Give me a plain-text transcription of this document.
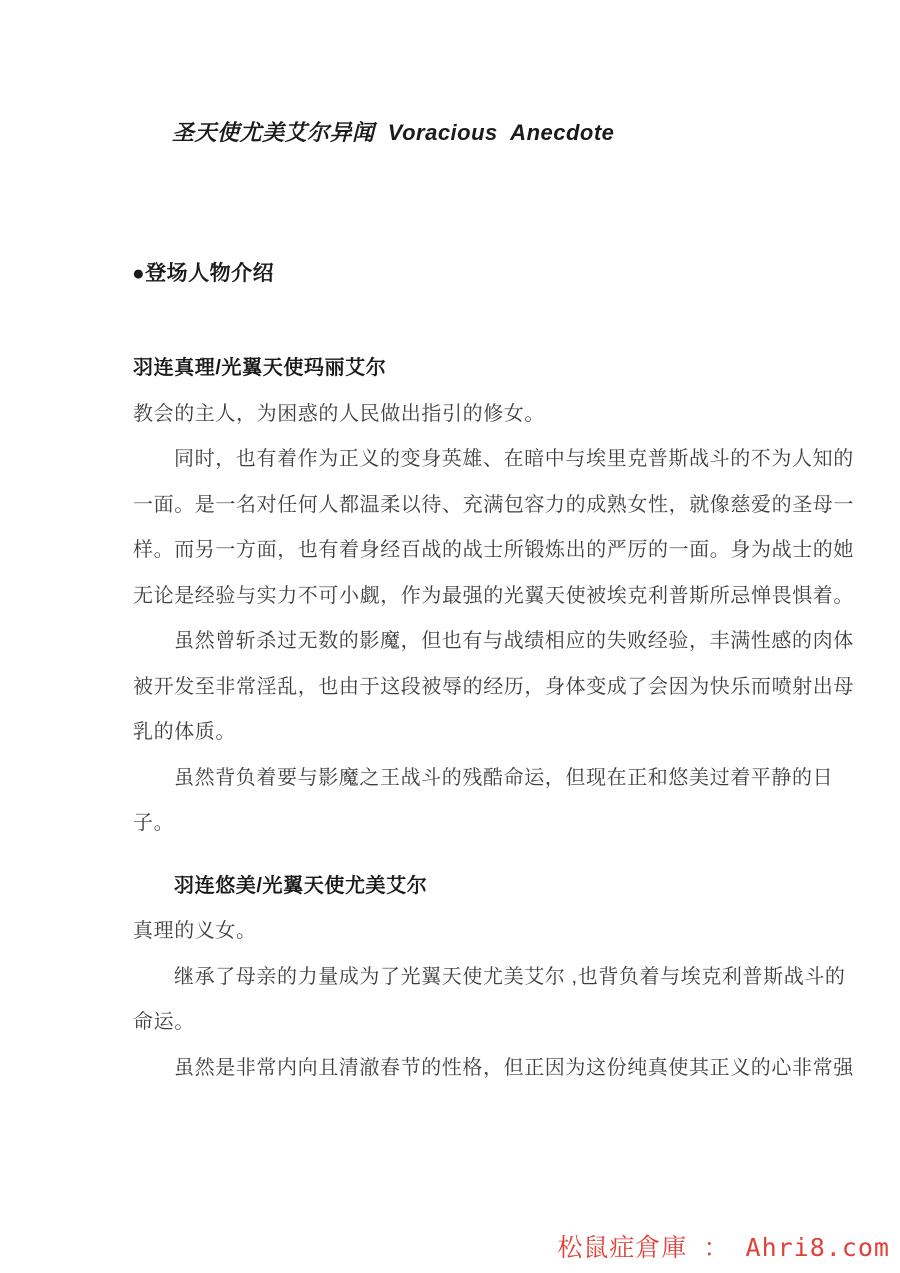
圣天使尤美艾尔异闻  Voracious  Anecdote
●登场人物介绍
羽连真理/光翼天使玛丽艾尔
教会的主人，为困惑的人民做出指引的修女。
同时，也有着作为正义的变身英雄、在暗中与埃里克普斯战斗的不为人知的
一面。是一名对任何人都温柔以待、充满包容力的成熟女性，就像慈爱的圣母一
样。而另一方面，也有着身经百战的战士所锻炼出的严厉的一面。身为战士的她
无论是经验与实力不可小觑，作为最强的光翼天使被埃克利普斯所忌惮畏惧着。
虽然曾斩杀过无数的影魔，但也有与战绩相应的失败经验，丰满性感的肉体
被开发至非常淫乱，也由于这段被辱的经历，身体变成了会因为快乐而喷射出母
乳的体质。
虽然背负着要与影魔之王战斗的残酷命运，但现在正和悠美过着平静的日
子。
羽连悠美/光翼天使尤美艾尔
真理的义女。
继承了母亲的力量成为了光翼天使尤美艾尔 ,也背负着与埃克利普斯战斗的
命运。
虽然是非常内向且清澈春节的性格，但正因为这份纯真使其正义的心非常强
松鼠症倉庫 ： Ahri8.com
